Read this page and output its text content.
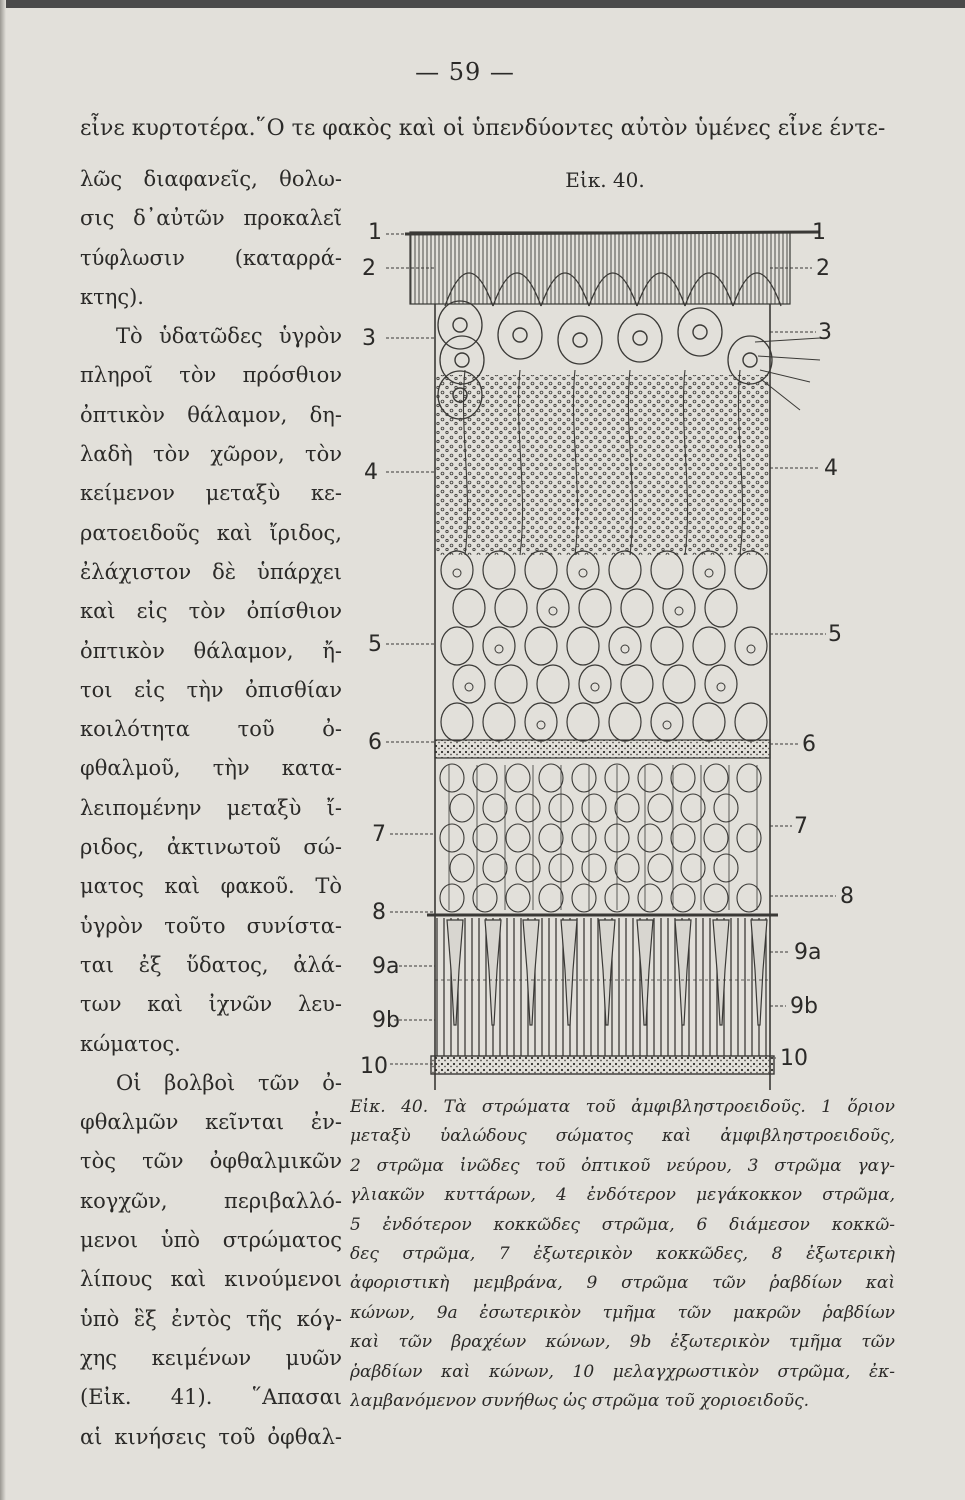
— 59 —
εἶνε κυρτοτέρα.῞Ο τε φακὸς καὶ οἱ ὑπενδύοντες αὐτὸν ὑμένες εἶνε έντε-
λῶς διαφανεῖς, θολω-
σις δ᾽αὐτῶν προκαλεῖ
τύφλωσιν (καταρρά-
κτης).
Τὸ ὑδατῶδες ὑγρὸν
πληροῖ τὸν πρόσθιον
ὀπτικὸν θάλαμον, δη-
λαδὴ τὸν χῶρον, τὸν
κείμενον μεταξὺ κε-
ρατοειδοῦς καὶ ἴριδος,
ἐλάχιστον δὲ ὑπάρχει
καὶ εἰς τὸν ὀπίσθιον
ὀπτικὸν θάλαμον, ἤ-
τοι εἰς τὴν ὀπισθίαν
κοιλότητα τοῦ ὀ-
φθαλμοῦ, τὴν κατα-
λειπομένην μεταξὺ ἴ-
ριδος, ἀκτινωτοῦ σώ-
ματος καὶ φακοῦ. Τὸ
ὑγρὸν τοῦτο συνίστα-
ται ἐξ ὕδατος, ἀλά-
των καὶ ἰχνῶν λευ-
κώματος.
Οἱ βολβοὶ τῶν ὀ-
φθαλμῶν κεῖνται ἐν-
τὸς τῶν ὀφθαλμικῶν
κογχῶν, περιβαλλό-
μενοι ὑπὸ στρώματος
λίπους καὶ κινούμενοι
ὑπὸ ἓξ ἐντὸς τῆς κόγ-
χης κειμένων μυῶν
(Εἰκ. 41). ῞Απασαι
αἱ κινήσεις τοῦ ὀφθαλ-
Εἰκ. 40.
1
2
3
4
5
6
7
8
9a
9b
10
1
2
3
4
5
6
7
8
9a
9b
10
Εἰκ. 40. Τὰ στρώματα τοῦ ἀμφιβληστροειδοῦς. 1 ὅριον
μεταξὺ ὑαλώδους σώματος καὶ ἀμφιβληστροειδοῦς,
2 στρῶμα ἰνῶδες τοῦ ὀπτικοῦ νεύρου, 3 στρῶμα γαγ-
γλιακῶν κυττάρων, 4 ἐνδότερον μεγάκοκκον στρῶμα,
5 ἐνδότερον κοκκῶδες στρῶμα, 6 διάμεσον κοκκῶ-
δες στρῶμα, 7 ἐξωτερικὸν κοκκῶδες, 8 ἐξωτερικὴ
ἀφοριστικὴ μεμβράνα, 9 στρῶμα τῶν ῥαβδίων καὶ
κώνων, 9a ἐσωτερικὸν τμῆμα τῶν μακρῶν ῥαβδίων
καὶ τῶν βραχέων κώνων, 9b ἐξωτερικὸν τμῆμα τῶν
ῥαβδίων καὶ κώνων, 10 μελαγχρωστικὸν στρῶμα, ἐκ-
λαμβανόμενον συνήθως ὡς στρῶμα τοῦ χοριοειδοῦς.
